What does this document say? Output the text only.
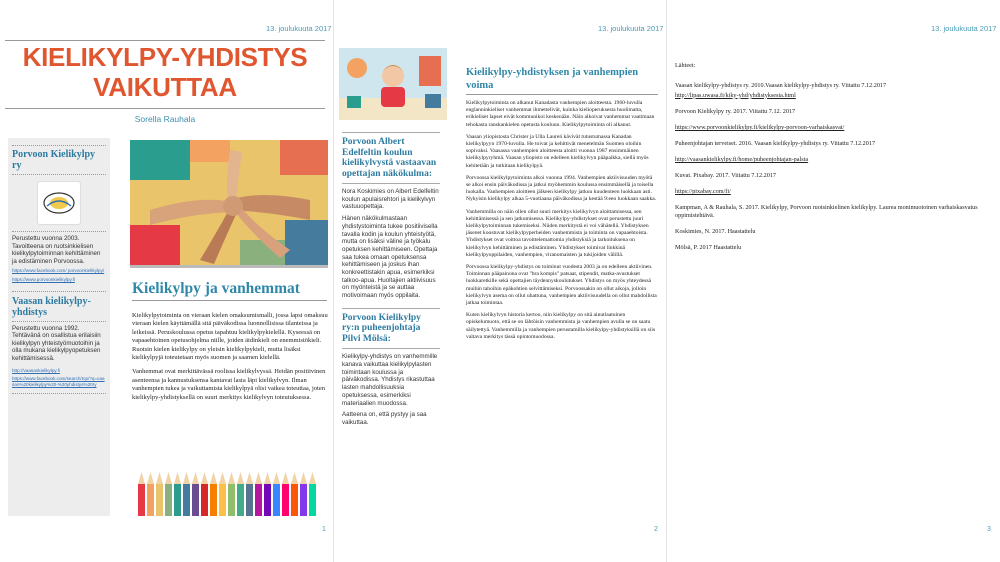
13. joulukuuta 2017
KIELIKYLPY-YHDISTYS
VAIKUTTAA
Sorella Rauhala
Porvoon Kielikylpy ry
Perustettu vuonna 2003. Tavoitteena on ruotsinkielisen kielikylpytoiminnan kehittäminen ja edistäminen Porvoossa.
https://www.facebook.com/ porvoonkielikylpy/
https://www.porvoonkielikylpy.fi
Vaasan kielikylpy-yhdistys
Perustettu vuonna 1992. Tehtävänä on osallistua erilaisiin kielikylpyn yhteistyömuotoihin ja olla mukana kielikylpyopetuksen kehittämisessä.
http://vaasankielikylpy.fi
https://www.facebook.com/search/top/?q=vaasan%20kielikylpy%20-%20yhdistys%20ry
Kielikylpy ja vanhemmat

Kielikylpytoiminta on vieraan kielen omaksumismalli, jossa lapsi omaksuu vieraan kielen käyttämällä sitä päiväkodissa luonnollisissa tilanteissa ja leikeissä. Peruskoulussa opetus tapahtuu kielikylpykielellä. Kyseessä on vapaaehtoinen opetusohjelma niille, joiden äidinkieli on enemmistökieli. Ruotsin kielen kielikylpy on yleisin kielikylpykieli, mutta lisäksi kielikylpyjä toteutetaan myös suomen ja saamen kielellä.

Vanhemmat ovat merkittävässä roolissa kielikylvyssä. Heidän positiivinen asenteensa ja kannustuksensa kantavat lasta läpi kielikylvyn. Ilman vanhempien tukea ja vaikuttamista kielikylpyä olisi vaikea toteuttaa, joten kielikylpy-yhdistyksellä on suuri merkitys kielikylvyn toteutuksessa.

1
13. joulukuuta 2017
Porvoon Albert Edelfeltin koulun kielikylvystä vastaavan opettajan näkökulma:
Nora Koskimies on Albert Edelfeltin koulun apulaisrehtori ja kielikylvyn vastuuopettaja.
Hänen näkökulmastaan yhdistystoiminta tukee positiivisella tavalla kodin ja koulun yhteistyötä, mutta on lisäksi väline ja työkalu opetuksen kehittämiseen. Opettaja saa tukea omaan opetuksensa kehittämiseen ja joskus ihan konkreettistakin apua, esimerkiksi talkoo-apua. Huoltajien aktiivisuus on myönteistä ja se auttaa motivoimaan myös oppilaita.
Porvoon Kielikylpy ry:n puheenjohtaja Pilvi Mölsä:
Kielikylpy-yhdistys on vanhemmille kanava vaikuttaa kielikylpylasten toimintaan koulussa ja päiväkodissa. Yhdistys rikastuttaa lasten mahdollisuuksia opetuksessa, esimerkiksi materiaalien muodossa.
Aatteena on, että pystyy ja saa vaikuttaa.
Kielikylpy-yhdistyksen ja vanhempien voima

Kielikylpytoiminta on alkanut Kanadasta vanhempien aloitteesta. 1960-luvulla englanninkieliset vanhemmat ihmettelivät, kuinka kielioperuksesta huolimatta, erikieliset lapset eivät kommunikoi keskenään. Näin alkoivat vanhemmat vaatimaan tehokasta ranskankielen opetusta kouluun. Kielikylpytoiminta oli alkanut.

Vaasan yliopistosta Christer ja Ulla Laureń kävivät tutustumassa Kanadan kielikylpyyn 1970-luvulla. He toivat ja kehittivät menetelmän Suomen oloihin sopivaksi. Vaasassa vanhempien aloitteesta aloitti vuonna 1987 ensimmäinen kielikylpyryhmä. Vaasan yliopisto on edelleen kielikylvyn pääpaikka, siellä myös kehitetään ja tutkitaan kielikylpyä.

Porvoossa kielikylpytoiminta alkoi vuonna 1994. Vanhempien aktiivisuuden myötä se alkoi ensin päiväkodissa ja jatkui myöhemmin koulussa ensimmäisellä ja toisella luokalla. Vanhempien aloitteen jälkeen kielikylpy jatkuu kuudenteen luokkaan asti. Nykyisin kielikylpy alkaa 5-vuotiaana päiväkodissa ja kestää 9:een luokkaan saakka.

Vanhemmilla on näin ollen ollut suuri merkitys kielikylvyn aloittamisessa, sen kehittämisessä ja sen jatkumisessa. Kielikylpy-yhdistykset ovat perustettu juuri kielikylpytoiminnan tukemiseksi. Niiden merkitystä ei voi vähätellä. Yhdistyksen jäsenet koostuvat kielikylpyperheiden vanhemmista ja toiminta on vapaaehtoista. Yhdistykset ovat voittoa tavoittelemattomia yhdistyksiä ja tarkoituksena on kielikylvyn kehittäminen ja edistäminen. Yhdistykset toimivat linkkinä kielikylpyoppilaiden, vanhempien, viranomaisten ja tukijoiden välillä.

Porvoossa kielikylpy-yhdistys on toiminut vuodesta 2003 ja on edelleen aktiivinen. Toiminnan pääpainona ovat "bra kompis" patsaat, stipendit, matka-avustukset luokkaretkille sekä opettajien täydennyskoulutukset. Yhdistys on myös yhteydessä muihin tahoihin epäkohtien selvittämiseksi. Porvoossakin on ollut aikoja, jolloin kielikylvyn asema on ollut uhattuna, vanhempien aktiivisuudella on ollut mahdollista jatkaa toimintaa.

Kuten kielikylvyn historia kertoo, niin kielikylpy on sitä ainutlaatuinen opiskelumuoto, että se on lähtöisin vanhemmista ja vanhempien avulla se on saatu säilytettyä. Vanhemmilla ja vanhempien perustamilla kielikylpy-yhdistyksillä on siis valtava merkitys tässä opintomuodossa.

2
13. joulukuuta 2017
Lähteet:

Vaasan kielikylpy-yhdistys ry. 2010.Vaasan kielikylpy-yhdistys ry. Viitattu 7.12.2017

http://lipas.uwasa.fi/kiky-yhd/yhdistyksesta.html

Porvoon Kielikylpy ry. 2017. Viitattu 7.12. 2017

https://www.porvoonkielikylpy.fi/kielikylpy-porvoon-varhaiskasvat/

Puheenjohtajan terveiset. 2016. Vaasan kielikylpy-yhdistys ry. Viitattu 7.12.2017

http://vaasankielikylpy.fi/home/puheenjohtajan-palsta

Kuvat. Pixabay. 2017. Viitattu 7.12.2017

https://pixabay.com/fi/

Kampman, A & Rauhala, S. 2017. Kielikylpy, Porvoon ruotsinkielinen kielikylpy. Laurea monimuotoinen varhaiskasvatus oppimistehtävä.

Koskimies, N. 2017. Haastattelu

Mölsä, P. 2017 Haastattelu

3
